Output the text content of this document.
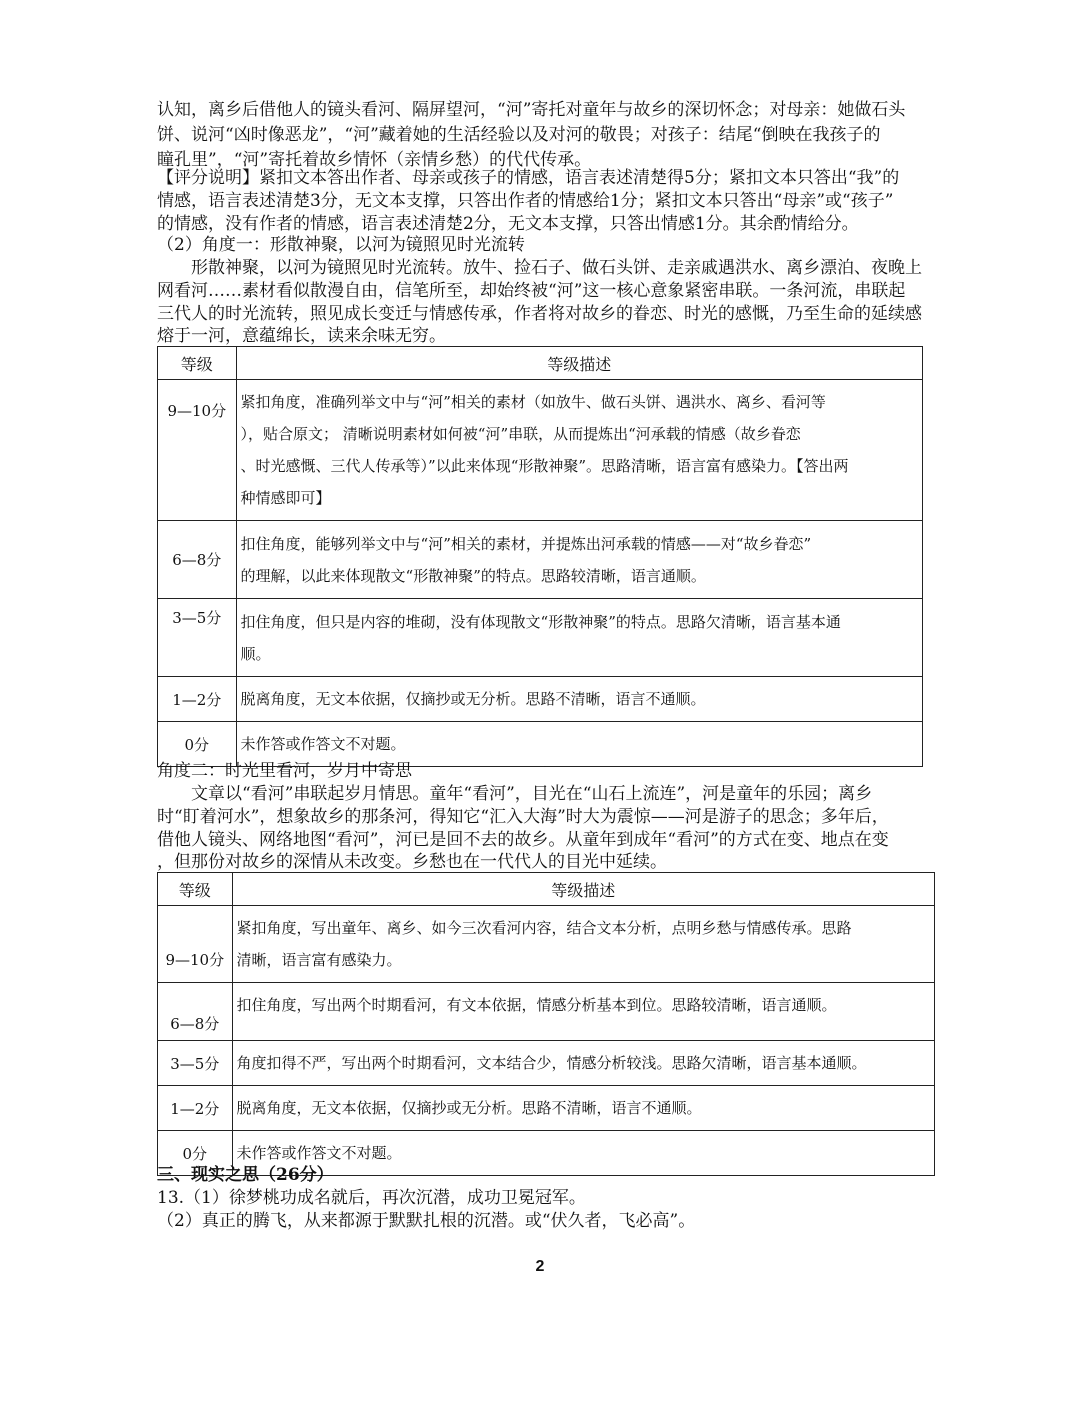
认知，离乡后借他人的镜头看河、隔屏望河，“河”寄托对童年与故乡的深切怀念；对母亲：她做石头
饼、说河“凶时像恶龙”，“河”藏着她的生活经验以及对河的敬畏；对孩子：结尾“倒映在我孩子的
瞳孔里”，“河”寄托着故乡情怀（亲情乡愁）的代代传承。
【评分说明】紧扣文本答出作者、母亲或孩子的情感，语言表述清楚得5分；紧扣文本只答出“我”的
情感，语言表述清楚3分，无文本支撑，只答出作者的情感给1分；紧扣文本只答出“母亲”或“孩子”
的情感，没有作者的情感，语言表述清楚2分，无文本支撑，只答出情感1分。其余酌情给分。
（2）角度一：形散神聚，以河为镜照见时光流转
　　形散神聚，以河为镜照见时光流转。放牛、捡石子、做石头饼、走亲戚遇洪水、离乡漂泊、夜晚上
网看河……素材看似散漫自由，信笔所至，却始终被“河”这一核心意象紧密串联。一条河流，串联起
三代人的时光流转，照见成长变迁与情感传承，作者将对故乡的眷恋、时光的感慨，乃至生命的延续感
熔于一河，意蕴绵长，读来余味无穷。
等级	等级描述
9—10分	紧扣角度，准确列举文中与“河”相关的素材（如放牛、做石头饼、遇洪水、离乡、看河等
），贴合原文； 清晰说明素材如何被“河”串联，从而提炼出“河承载的情感（故乡眷恋
、时光感慨、三代人传承等）”以此来体现“形散神聚”。思路清晰，语言富有感染力。【答出两
种情感即可】

6—8分	扣住角度，能够列举文中与“河”相关的素材，并提炼出河承载的情感——对“故乡眷恋”
的理解，以此来体现散文“形散神聚”的特点。思路较清晰，语言通顺。

3—5分	扣住角度，但只是内容的堆砌，没有体现散文“形散神聚”的特点。思路欠清晰，语言基本通
顺。

1—2分	脱离角度，无文本依据，仅摘抄或无分析。思路不清晰，语言不通顺。

0分	未作答或作答文不对题。
角度二：时光里看河，岁月中寄思
　　文章以“看河”串联起岁月情思。童年“看河”，目光在“山石上流连”，河是童年的乐园；离乡
时“盯着河水”，想象故乡的那条河，得知它“汇入大海”时大为震惊——河是游子的思念；多年后，
借他人镜头、网络地图“看河”，河已是回不去的故乡。从童年到成年“看河”的方式在变、地点在变
，但那份对故乡的深情从未改变。乡愁也在一代代人的目光中延续。
等级	等级描述
9—10分	紧扣角度，写出童年、离乡、如今三次看河内容，结合文本分析，点明乡愁与情感传承。思路
清晰，语言富有感染力。

6—8分	扣住角度，写出两个时期看河，有文本依据，情感分析基本到位。思路较清晰，语言通顺。

3—5分	角度扣得不严，写出两个时期看河，文本结合少，情感分析较浅。思路欠清晰，语言基本通顺。

1—2分	脱离角度，无文本依据，仅摘抄或无分析。思路不清晰，语言不通顺。

0分	未作答或作答文不对题。
三、现实之思（26分）
13.（1）徐梦桃功成名就后，再次沉潜，成功卫冕冠军。
（2）真正的腾飞，从来都源于默默扎根的沉潜。或“伏久者，飞必高”。
2
